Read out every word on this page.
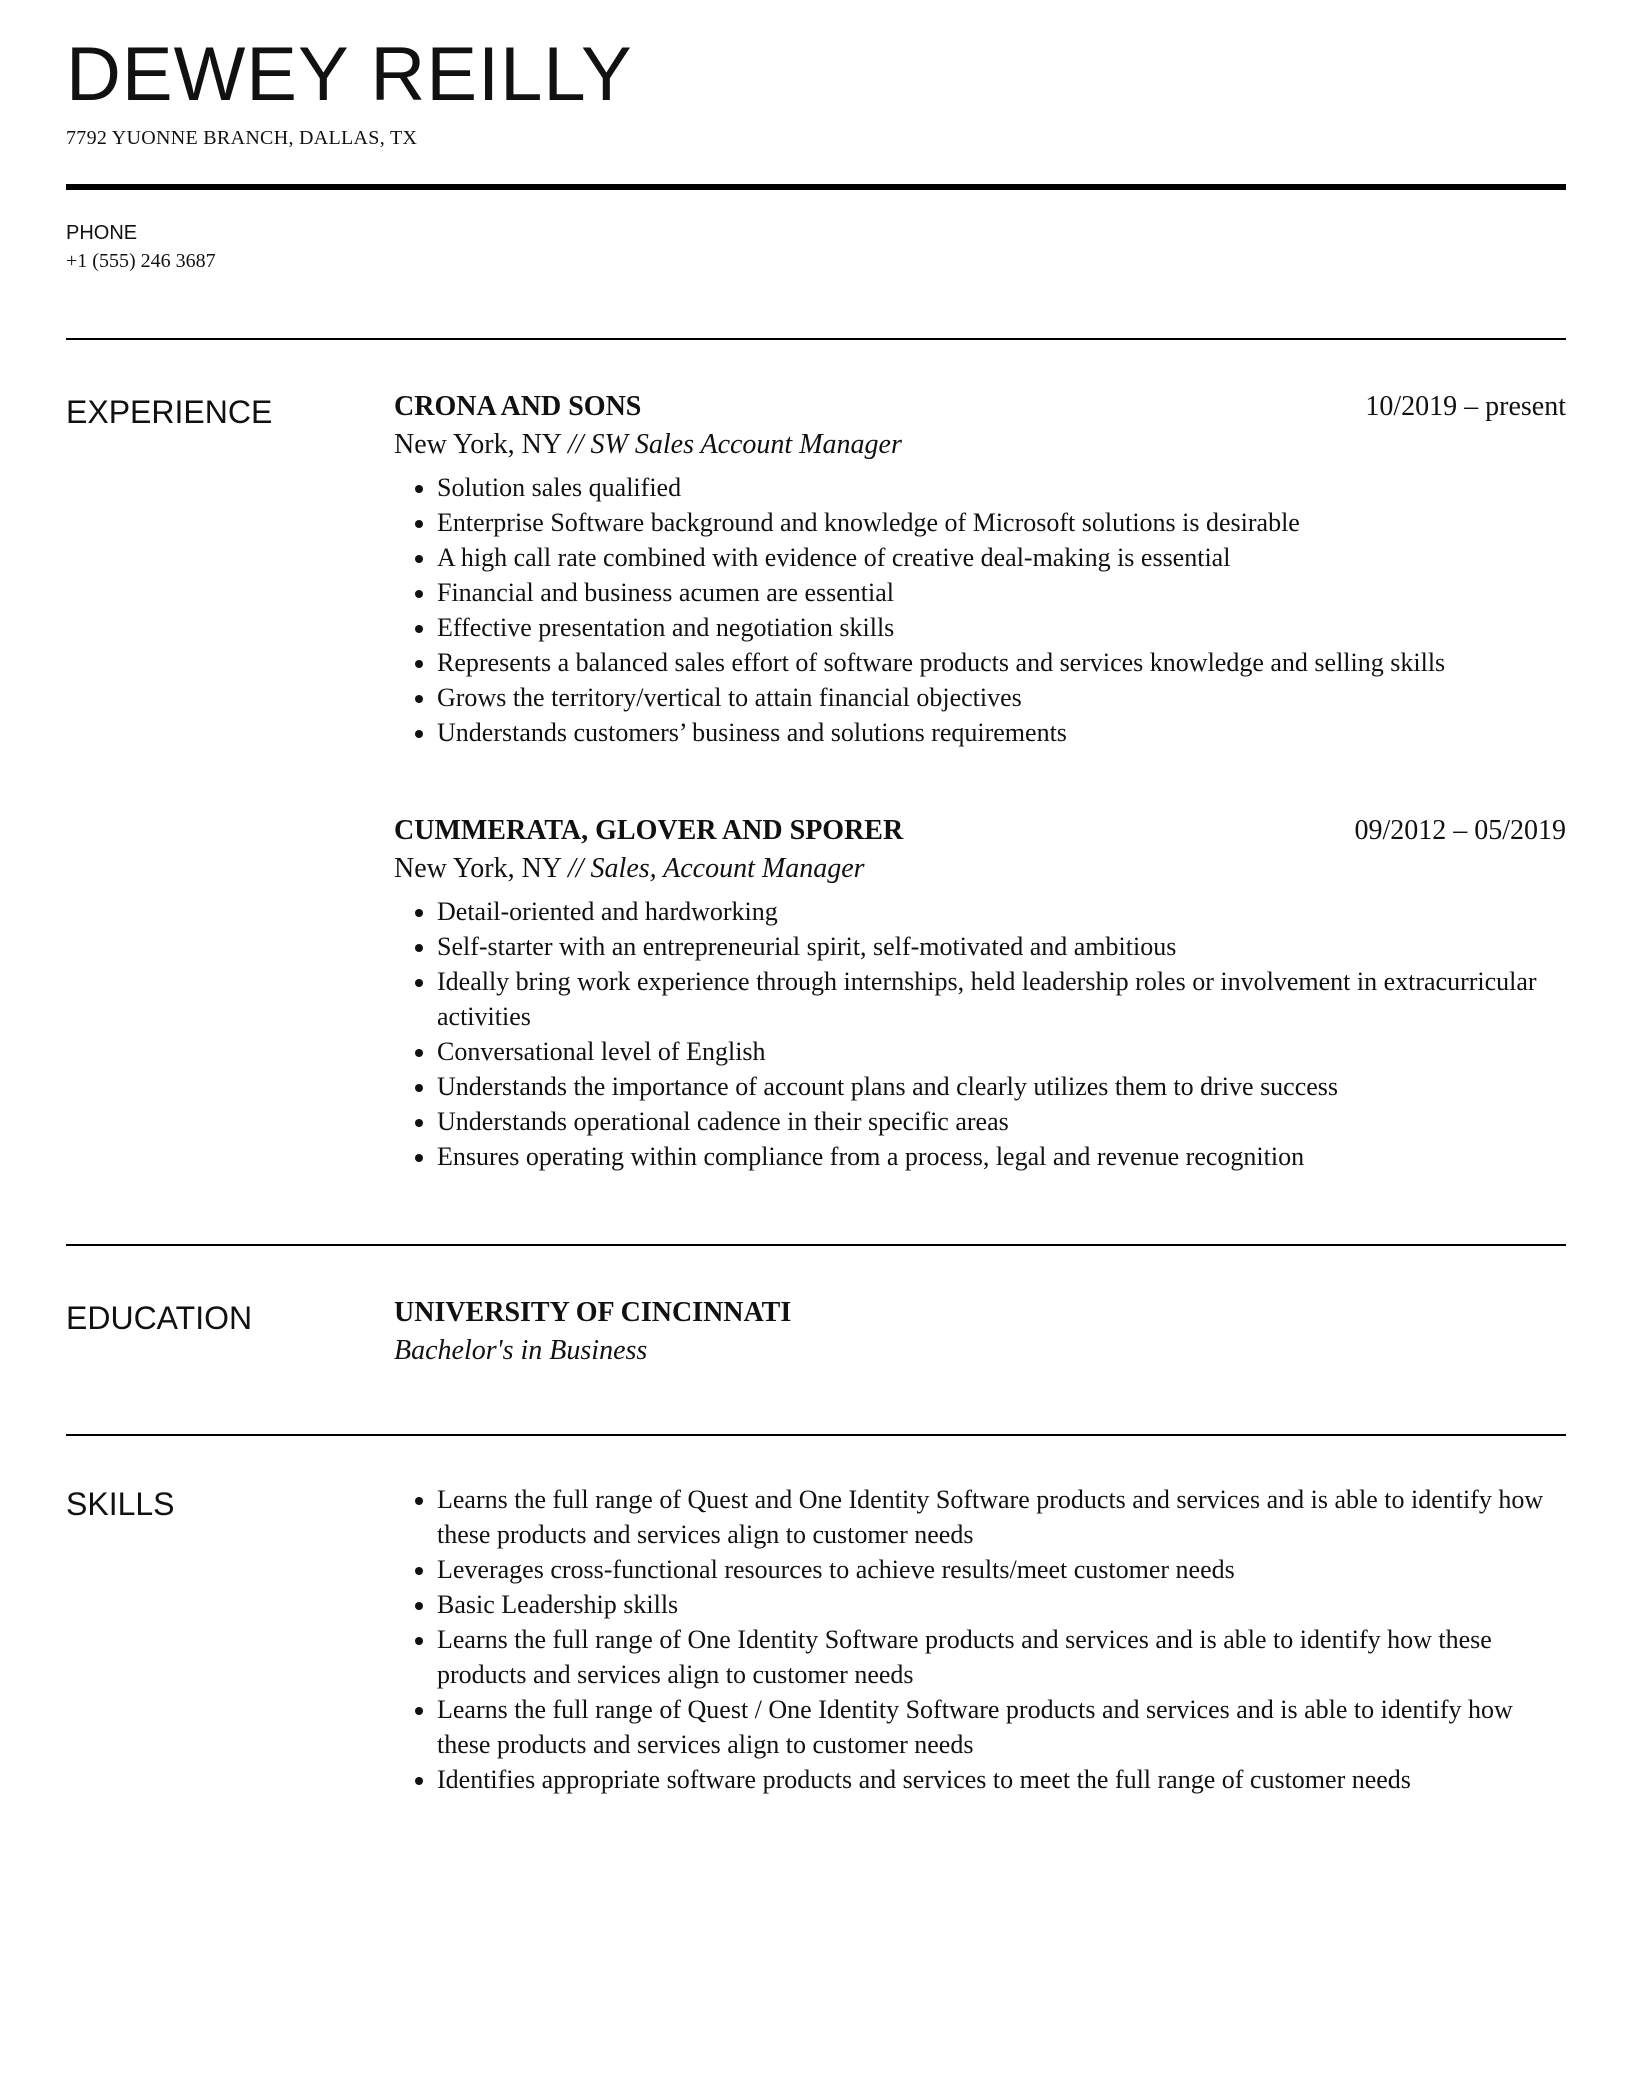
DEWEY REILLY
7792 YUONNE BRANCH, DALLAS, TX
PHONE
+1 (555) 246 3687
EXPERIENCE	CRONA AND SONS	10/2019 – present
New York, NY // SW Sales Account Manager
• Solution sales qualified
• Enterprise Software background and knowledge of Microsoft solutions is desirable
• A high call rate combined with evidence of creative deal-making is essential
• Financial and business acumen are essential
• Effective presentation and negotiation skills
• Represents a balanced sales effort of software products and services knowledge and selling skills
• Grows the territory/vertical to attain financial objectives
• Understands customers’ business and solutions requirements
CUMMERATA, GLOVER AND SPORER	09/2012 – 05/2019
New York, NY // Sales, Account Manager
• Detail-oriented and hardworking
• Self-starter with an entrepreneurial spirit, self-motivated and ambitious
• Ideally bring work experience through internships, held leadership roles or involvement in extracurricular activities
• Conversational level of English
• Understands the importance of account plans and clearly utilizes them to drive success
• Understands operational cadence in their specific areas
• Ensures operating within compliance from a process, legal and revenue recognition
EDUCATION	UNIVERSITY OF CINCINNATI
Bachelor's in Business
SKILLS
•	Learns the full range of Quest and One Identity Software products and services and is able to identify how these products and services align to customer needs
• Leverages cross-functional resources to achieve results/meet customer needs
• Basic Leadership skills
• Learns the full range of One Identity Software products and services and is able to identify how these products and services align to customer needs
• Learns the full range of Quest / One Identity Software products and services and is able to identify how these products and services align to customer needs
• Identifies appropriate software products and services to meet the full range of customer needs
